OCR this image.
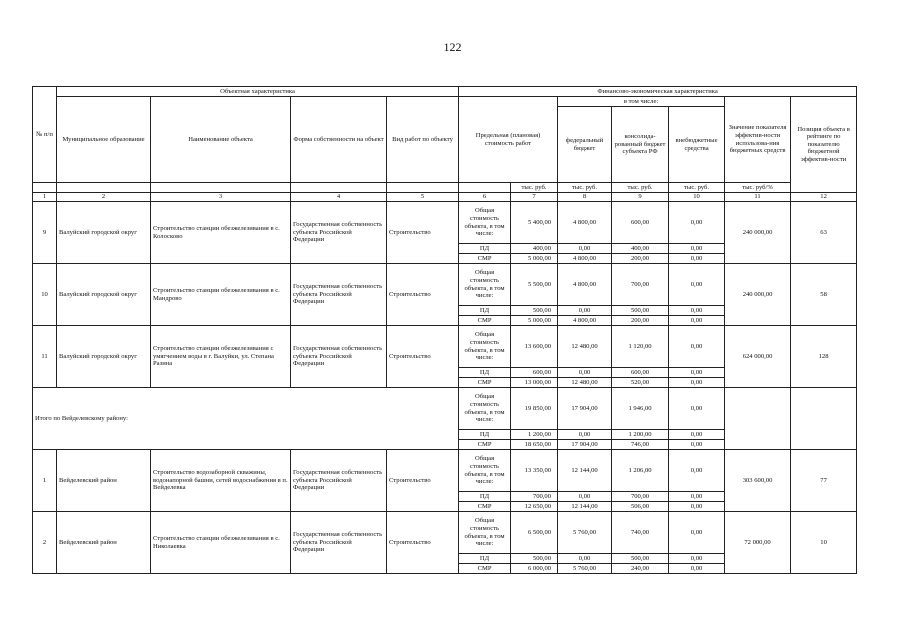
122
№ п/п	Объектная характеристика				Финансово-экономическая характеристика							
	Муниципальное образование	Наименование объекта	Форма собственности на объект	Вид работ по объекту	Предельная (плановая) стоимость работ		в том числе:			Значение показателя эффектив-ности использова-ния бюджетных средств	Позиция объекта в рейтинге по показателю бюджетной эффектив-ности	
							федеральный бюджет	консолида-рованный бюджет субъекта РФ	внебюджетные средства			
						тыс. руб.	тыс. руб.	тыс. руб.	тыс. руб.	тыс. руб/%		
1	2	3	4	5	6	7	8	9	10	11	12	
9	Валуйский городской округ	Строительство станции обезжелезивания в с. Колосково	Государственная собственность субъекта Российской Федерации	Строительство	Общая стоимость объекта, в том числе:	5 400,00	4 800,00	600,00	0,00	240 000,00	63	
					ПД	400,00	0,00	400,00	0,00			
					СМР	5 000,00	4 800,00	200,00	0,00			
10	Валуйский городской округ	Строительство станции обезжелезивания в с. Мандрово	Государственная собственность субъекта Российской Федерации	Строительство	Общая стоимость объекта, в том числе:	5 500,00	4 800,00	700,00	0,00	240 000,00	58	
					ПД	500,00	0,00	500,00	0,00			
					СМР	5 000,00	4 800,00	200,00	0,00			
11	Валуйский городской округ	Строительство станции обезжелезивания с умягчением воды в г. Валуйки, ул. Степана Разина	Государственная собственность субъекта Российской Федерации	Строительство	Общая стоимость объекта, в том числе:	13 600,00	12 480,00	1 120,00	0,00	624 000,00	128	
					ПД	600,00	0,00	600,00	0,00			
					СМР	13 000,00	12 480,00	520,00	0,00			
Итого по Вейделевскому району:					Общая стоимость объекта, в том числе:	19 850,00	17 904,00	1 946,00	0,00			
					ПД	1 200,00	0,00	1 200,00	0,00			
					СМР	18 650,00	17 904,00	746,00	0,00			
1	Вейделевский район	Строительство водозаборной скважины, водонапорной башни, сетей водоснабжения в п. Вейделевка	Государственная собственность субъекта Российской Федерации	Строительство	Общая стоимость объекта, в том числе:	13 350,00	12 144,00	1 206,00	0,00	303 600,00	77	
					ПД	700,00	0,00	700,00	0,00			
					СМР	12 650,00	12 144,00	506,00	0,00			
2	Вейделевский район	Строительство станции обезжелезивания в с. Николаевка	Государственная собственность субъекта Российской Федерации	Строительство	Общая стоимость объекта, в том числе:	6 500,00	5 760,00	740,00	0,00	72 000,00	10	
					ПД	500,00	0,00	500,00	0,00			
					СМР	6 000,00	5 760,00	240,00	0,00			
